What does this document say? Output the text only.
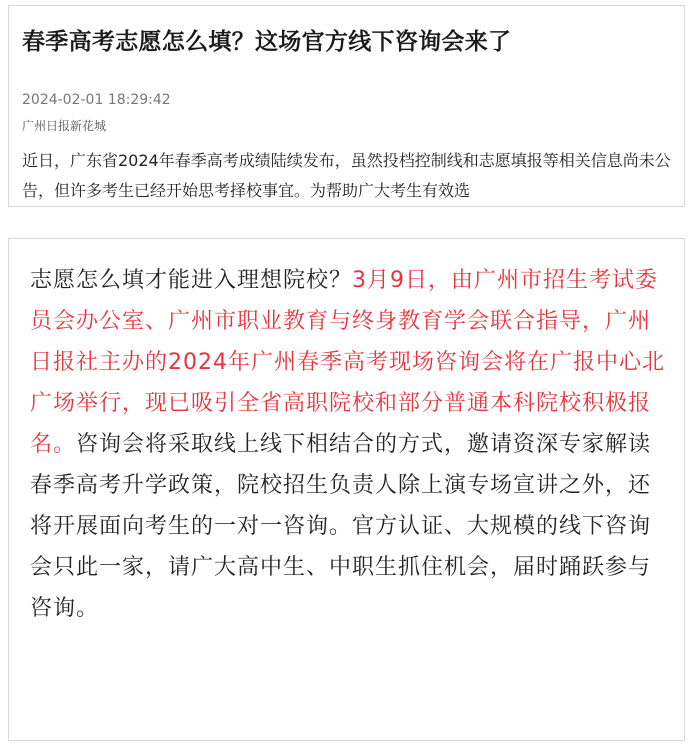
春季高考志愿怎么填？这场官方线下咨询会来了
2024-02-01 18:29:42
广州日报新花城

近日，广东省2024年春季高考成绩陆续发布，虽然投档控制线和志愿填报等相关信息尚未公告，但许多考生已经开始思考择校事宜。为帮助广大考生有效选

志愿怎么填才能进入理想院校？3月9日，由广州市招生考试委员会办公室、广州市职业教育与终身教育学会联合指导，广州日报社主办的2024年广州春季高考现场咨询会将在广报中心北广场举行，现已吸引全省高职院校和部分普通本科院校积极报名。咨询会将采取线上线下相结合的方式，邀请资深专家解读春季高考升学政策，院校招生负责人除上演专场宣讲之外，还将开展面向考生的一对一咨询。官方认证、大规模的线下咨询会只此一家，请广大高中生、中职生抓住机会，届时踊跃参与咨询。
